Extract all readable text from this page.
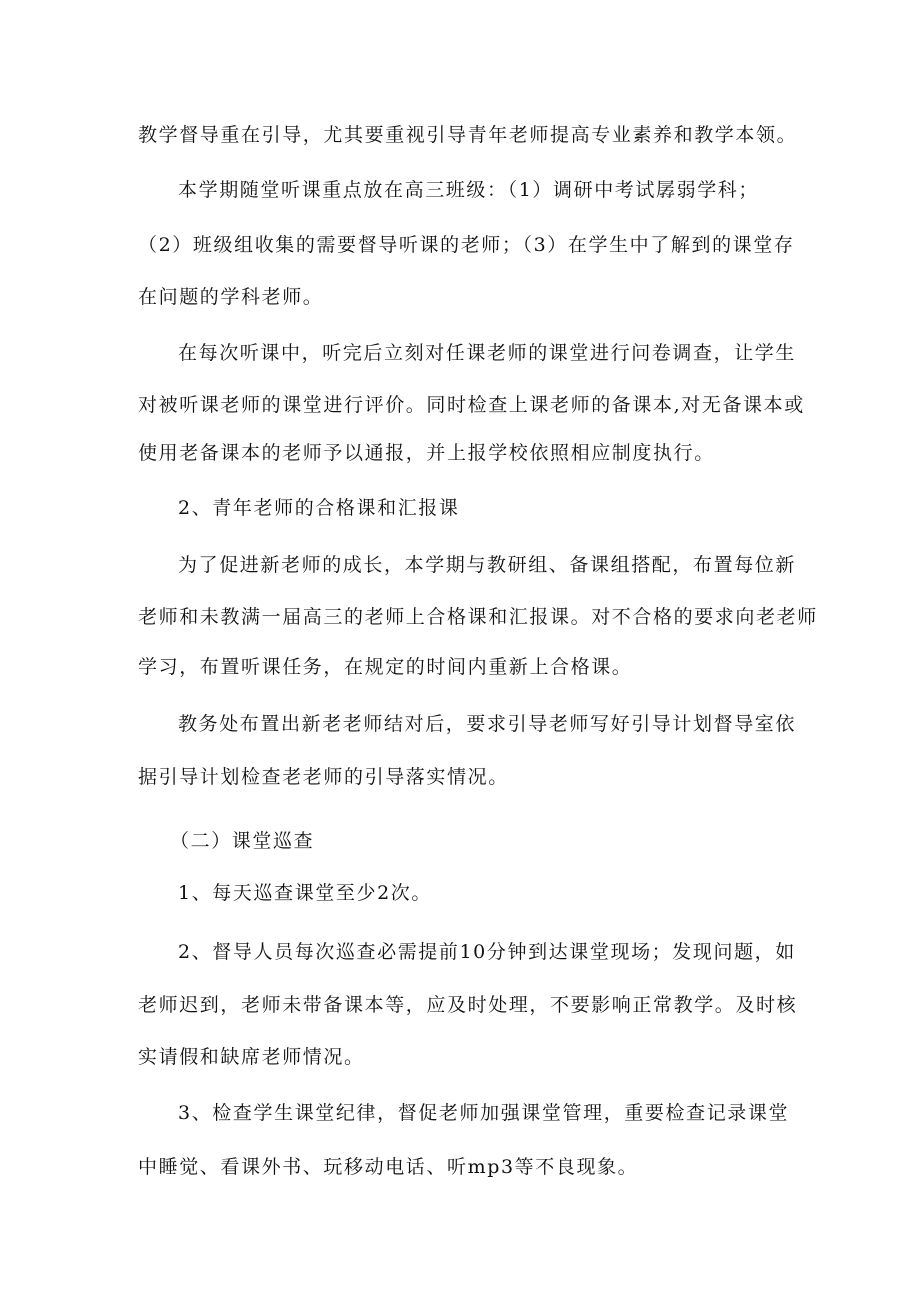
教学督导重在引导，尤其要重视引导青年老师提高专业素养和教学本领。
本学期随堂听课重点放在高三班级：（1）调研中考试孱弱学科；
（2）班级组收集的需要督导听课的老师；（3）在学生中了解到的课堂存
在问题的学科老师。
在每次听课中，听完后立刻对任课老师的课堂进行问卷调查，让学生
对被听课老师的课堂进行评价。同时检查上课老师的备课本,对无备课本或
使用老备课本的老师予以通报，并上报学校依照相应制度执行。
2、青年老师的合格课和汇报课
为了促进新老师的成长，本学期与教研组、备课组搭配，布置每位新
老师和未教满一届高三的老师上合格课和汇报课。对不合格的要求向老老师
学习，布置听课任务，在规定的时间内重新上合格课。
教务处布置出新老老师结对后，要求引导老师写好引导计划督导室依
据引导计划检查老老师的引导落实情况。
（二）课堂巡查
1、每天巡查课堂至少2次。
2、督导人员每次巡查必需提前10分钟到达课堂现场；发现问题，如
老师迟到，老师未带备课本等，应及时处理，不要影响正常教学。及时核
实请假和缺席老师情况。
3、检查学生课堂纪律，督促老师加强课堂管理，重要检查记录课堂
中睡觉、看课外书、玩移动电话、听mp3等不良现象。
